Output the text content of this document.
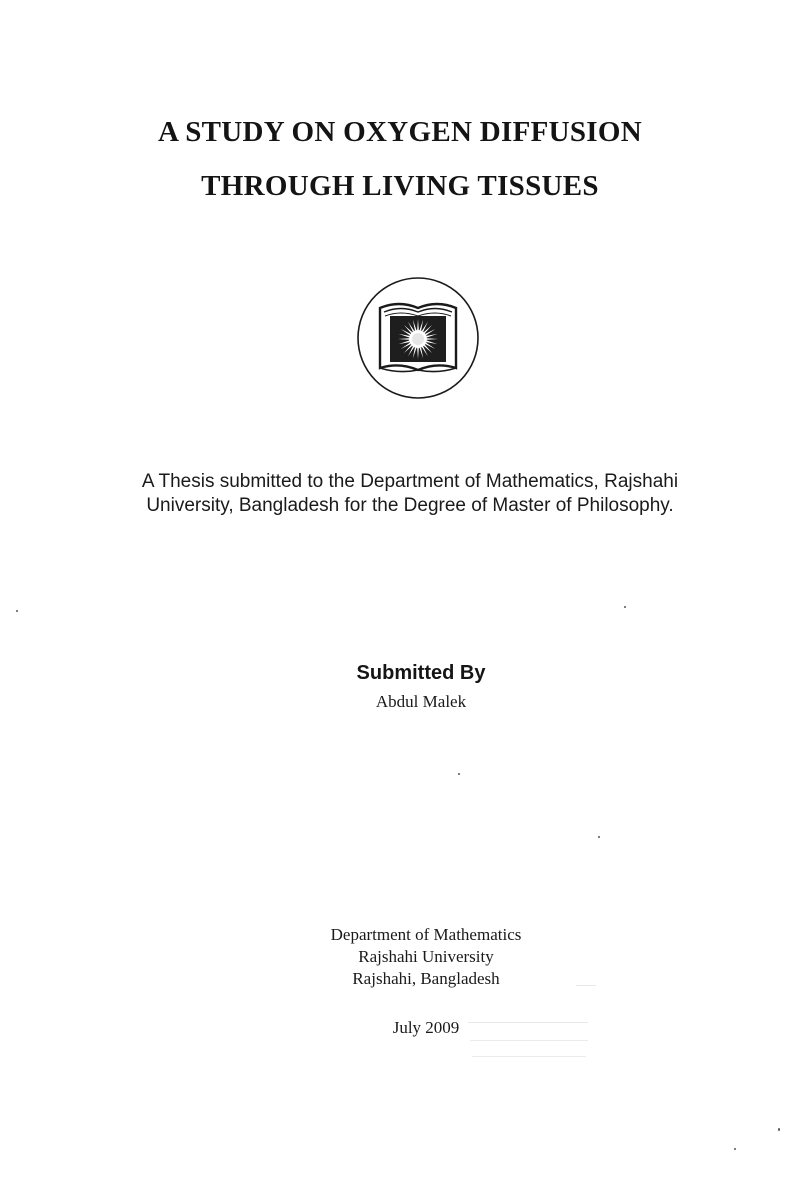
A STUDY ON OXYGEN DIFFUSION
THROUGH LIVING TISSUES
A Thesis submitted to the Department of Mathematics, Rajshahi
University, Bangladesh for the Degree of Master of Philosophy.
Submitted By
Abdul Malek
Department of Mathematics
Rajshahi University
Rajshahi, Bangladesh
July 2009
